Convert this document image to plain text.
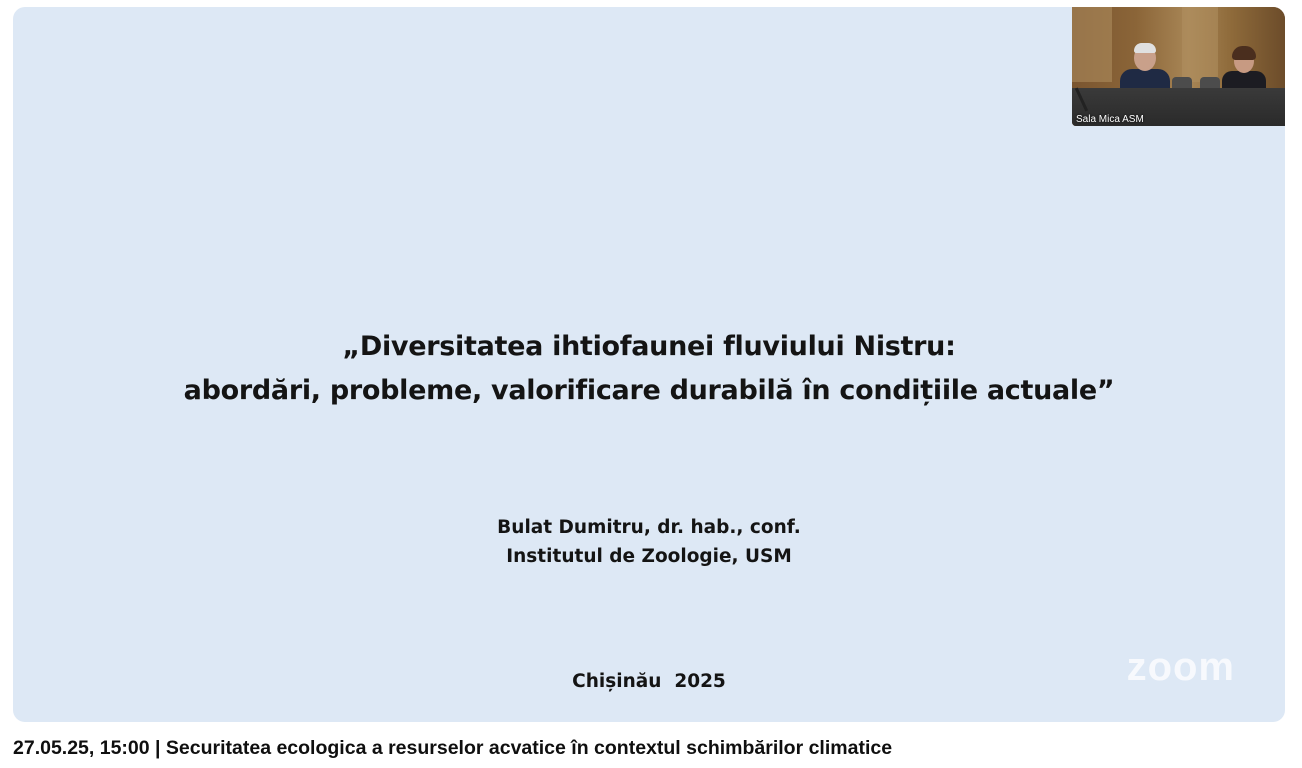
„Diversitatea ihtiofaunei fluviului Nistru:
abordări, probleme, valorificare durabilă în condițiile actuale”
Bulat Dumitru, dr. hab., conf.
Institutul de Zoologie, USM
Chișinău  2025	zoom
Sala Mica ASM
27.05.25, 15:00 | Securitatea ecologica a resurselor acvatice în contextul schimbărilor climatice
